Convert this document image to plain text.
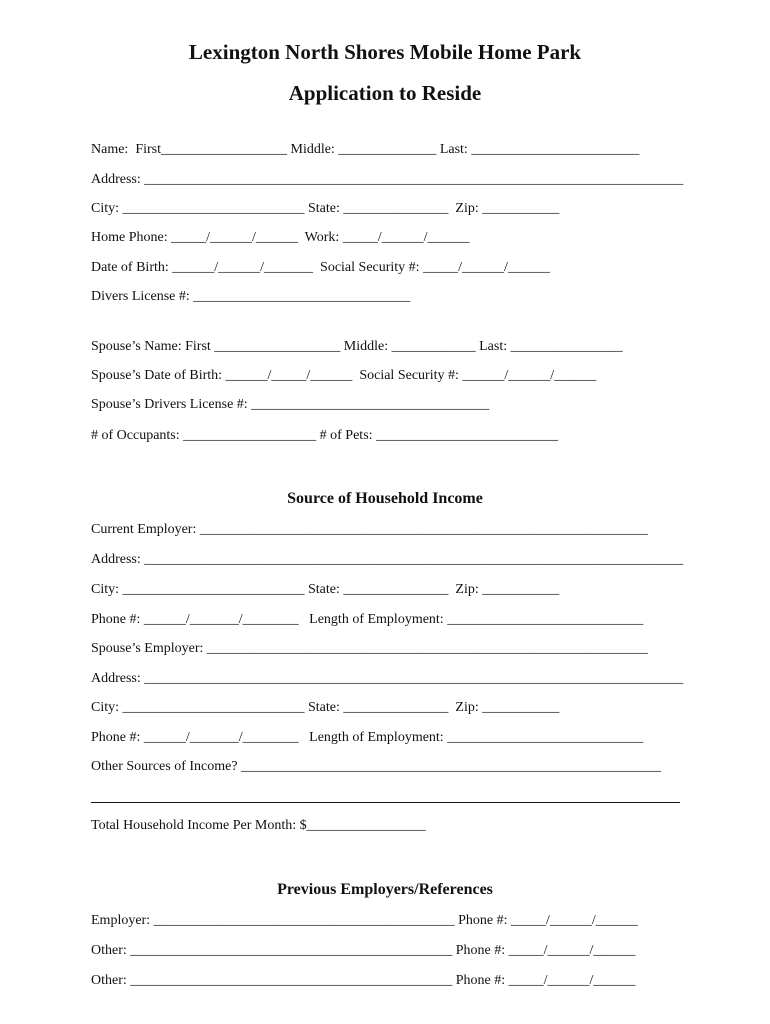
Lexington North Shores Mobile Home Park
Application to Reside
Name:  First__________________ Middle: ______________ Last: ________________________
Address: _____________________________________________________________________________
City: __________________________ State: _______________  Zip: ___________
Home Phone: _____/______/______  Work: _____/______/______
Date of Birth: ______/______/_______  Social Security #: _____/______/______
Divers License #: _______________________________
Spouse’s Name: First __________________ Middle: ____________ Last: ________________
Spouse’s Date of Birth: ______/_____/______  Social Security #: ______/______/______
Spouse’s Drivers License #: __________________________________
# of Occupants: ___________________ # of Pets: __________________________
Source of Household Income
Current Employer: ________________________________________________________________
Address: _____________________________________________________________________________
City: __________________________ State: _______________  Zip: ___________
Phone #: ______/_______/________   Length of Employment: ____________________________
Spouse’s Employer: _______________________________________________________________
Address: _____________________________________________________________________________
City: __________________________ State: _______________  Zip: ___________
Phone #: ______/_______/________   Length of Employment: ____________________________
Other Sources of Income? ____________________________________________________________
Total Household Income Per Month: $_________________
Previous Employers/References
Employer: ___________________________________________ Phone #: _____/______/______
Other: ______________________________________________ Phone #: _____/______/______
Other: ______________________________________________ Phone #: _____/______/______
